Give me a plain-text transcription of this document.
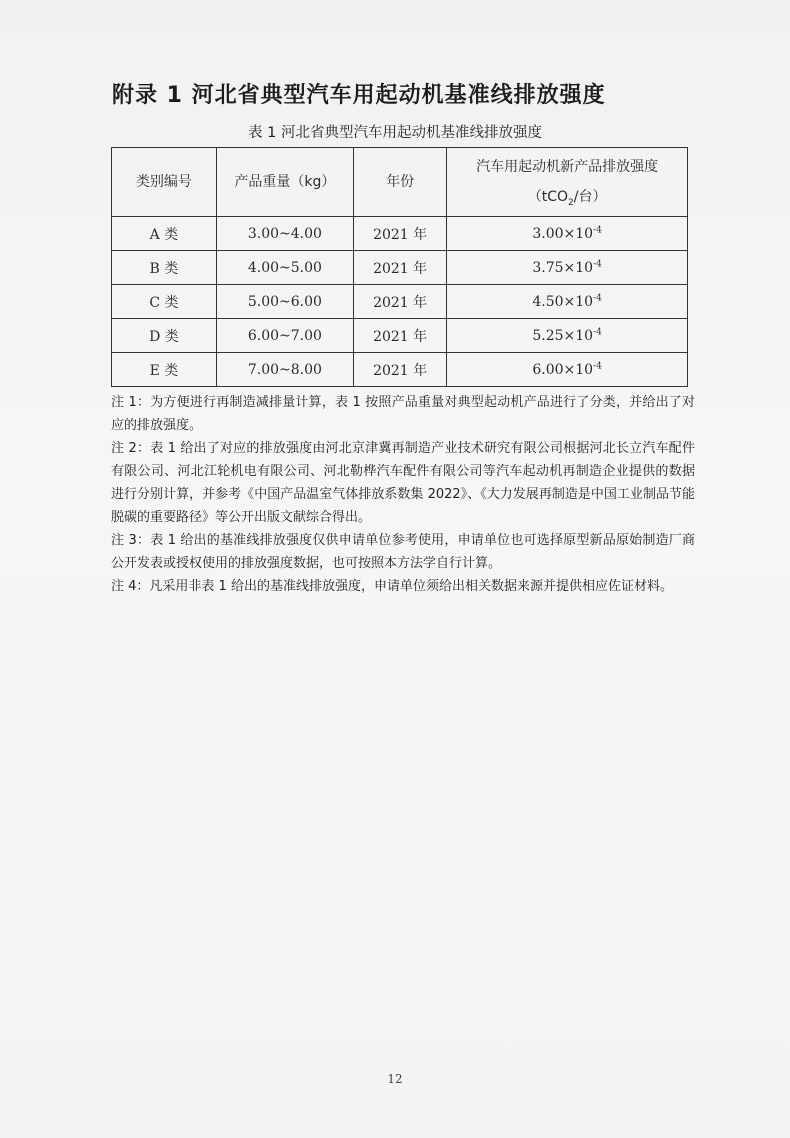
附录 1 河北省典型汽车用起动机基准线排放强度
表 1 河北省典型汽车用起动机基准线排放强度
类别编号	产品重量（kg）	年份	汽车用起动机新产品排放强度
（tCO$_2$/台）

A 类	3.00~4.00	2021 年	$3.00\times 10^{-4}$
B 类	4.00~5.00	2021 年	$3.75\times 10^{-4}$
C 类	5.00~6.00	2021 年	$4.50\times 10^{-4}$
D 类	6.00~7.00	2021 年	$5.25\times 10^{-4}$
E 类	7.00~8.00	2021 年	$6.00\times 10^{-4}$

注 1：为方便进行再制造减排量计算，表 1 按照产品重量对典型起动机产品进行了分类，并给出了对应的排放强度。

注 2：表 1 给出了对应的排放强度由河北京津冀再制造产业技术研究有限公司根据河北长立汽车配件有限公司、河北江轮机电有限公司、河北勒桦汽车配件有限公司等汽车起动机再制造企业提供的数据进行分别计算，并参考《中国产品温室气体排放系数集 2022》、《大力发展再制造是中国工业制品节能脱碳的重要路径》等公开出版文献综合得出。

注 3：表 1 给出的基准线排放强度仅供申请单位参考使用，申请单位也可选择原型新品原始制造厂商公开发表或授权使用的排放强度数据，也可按照本方法学自行计算。

注 4：凡采用非表 1 给出的基准线排放强度，申请单位须给出相关数据来源并提供相应佐证材料。

12
